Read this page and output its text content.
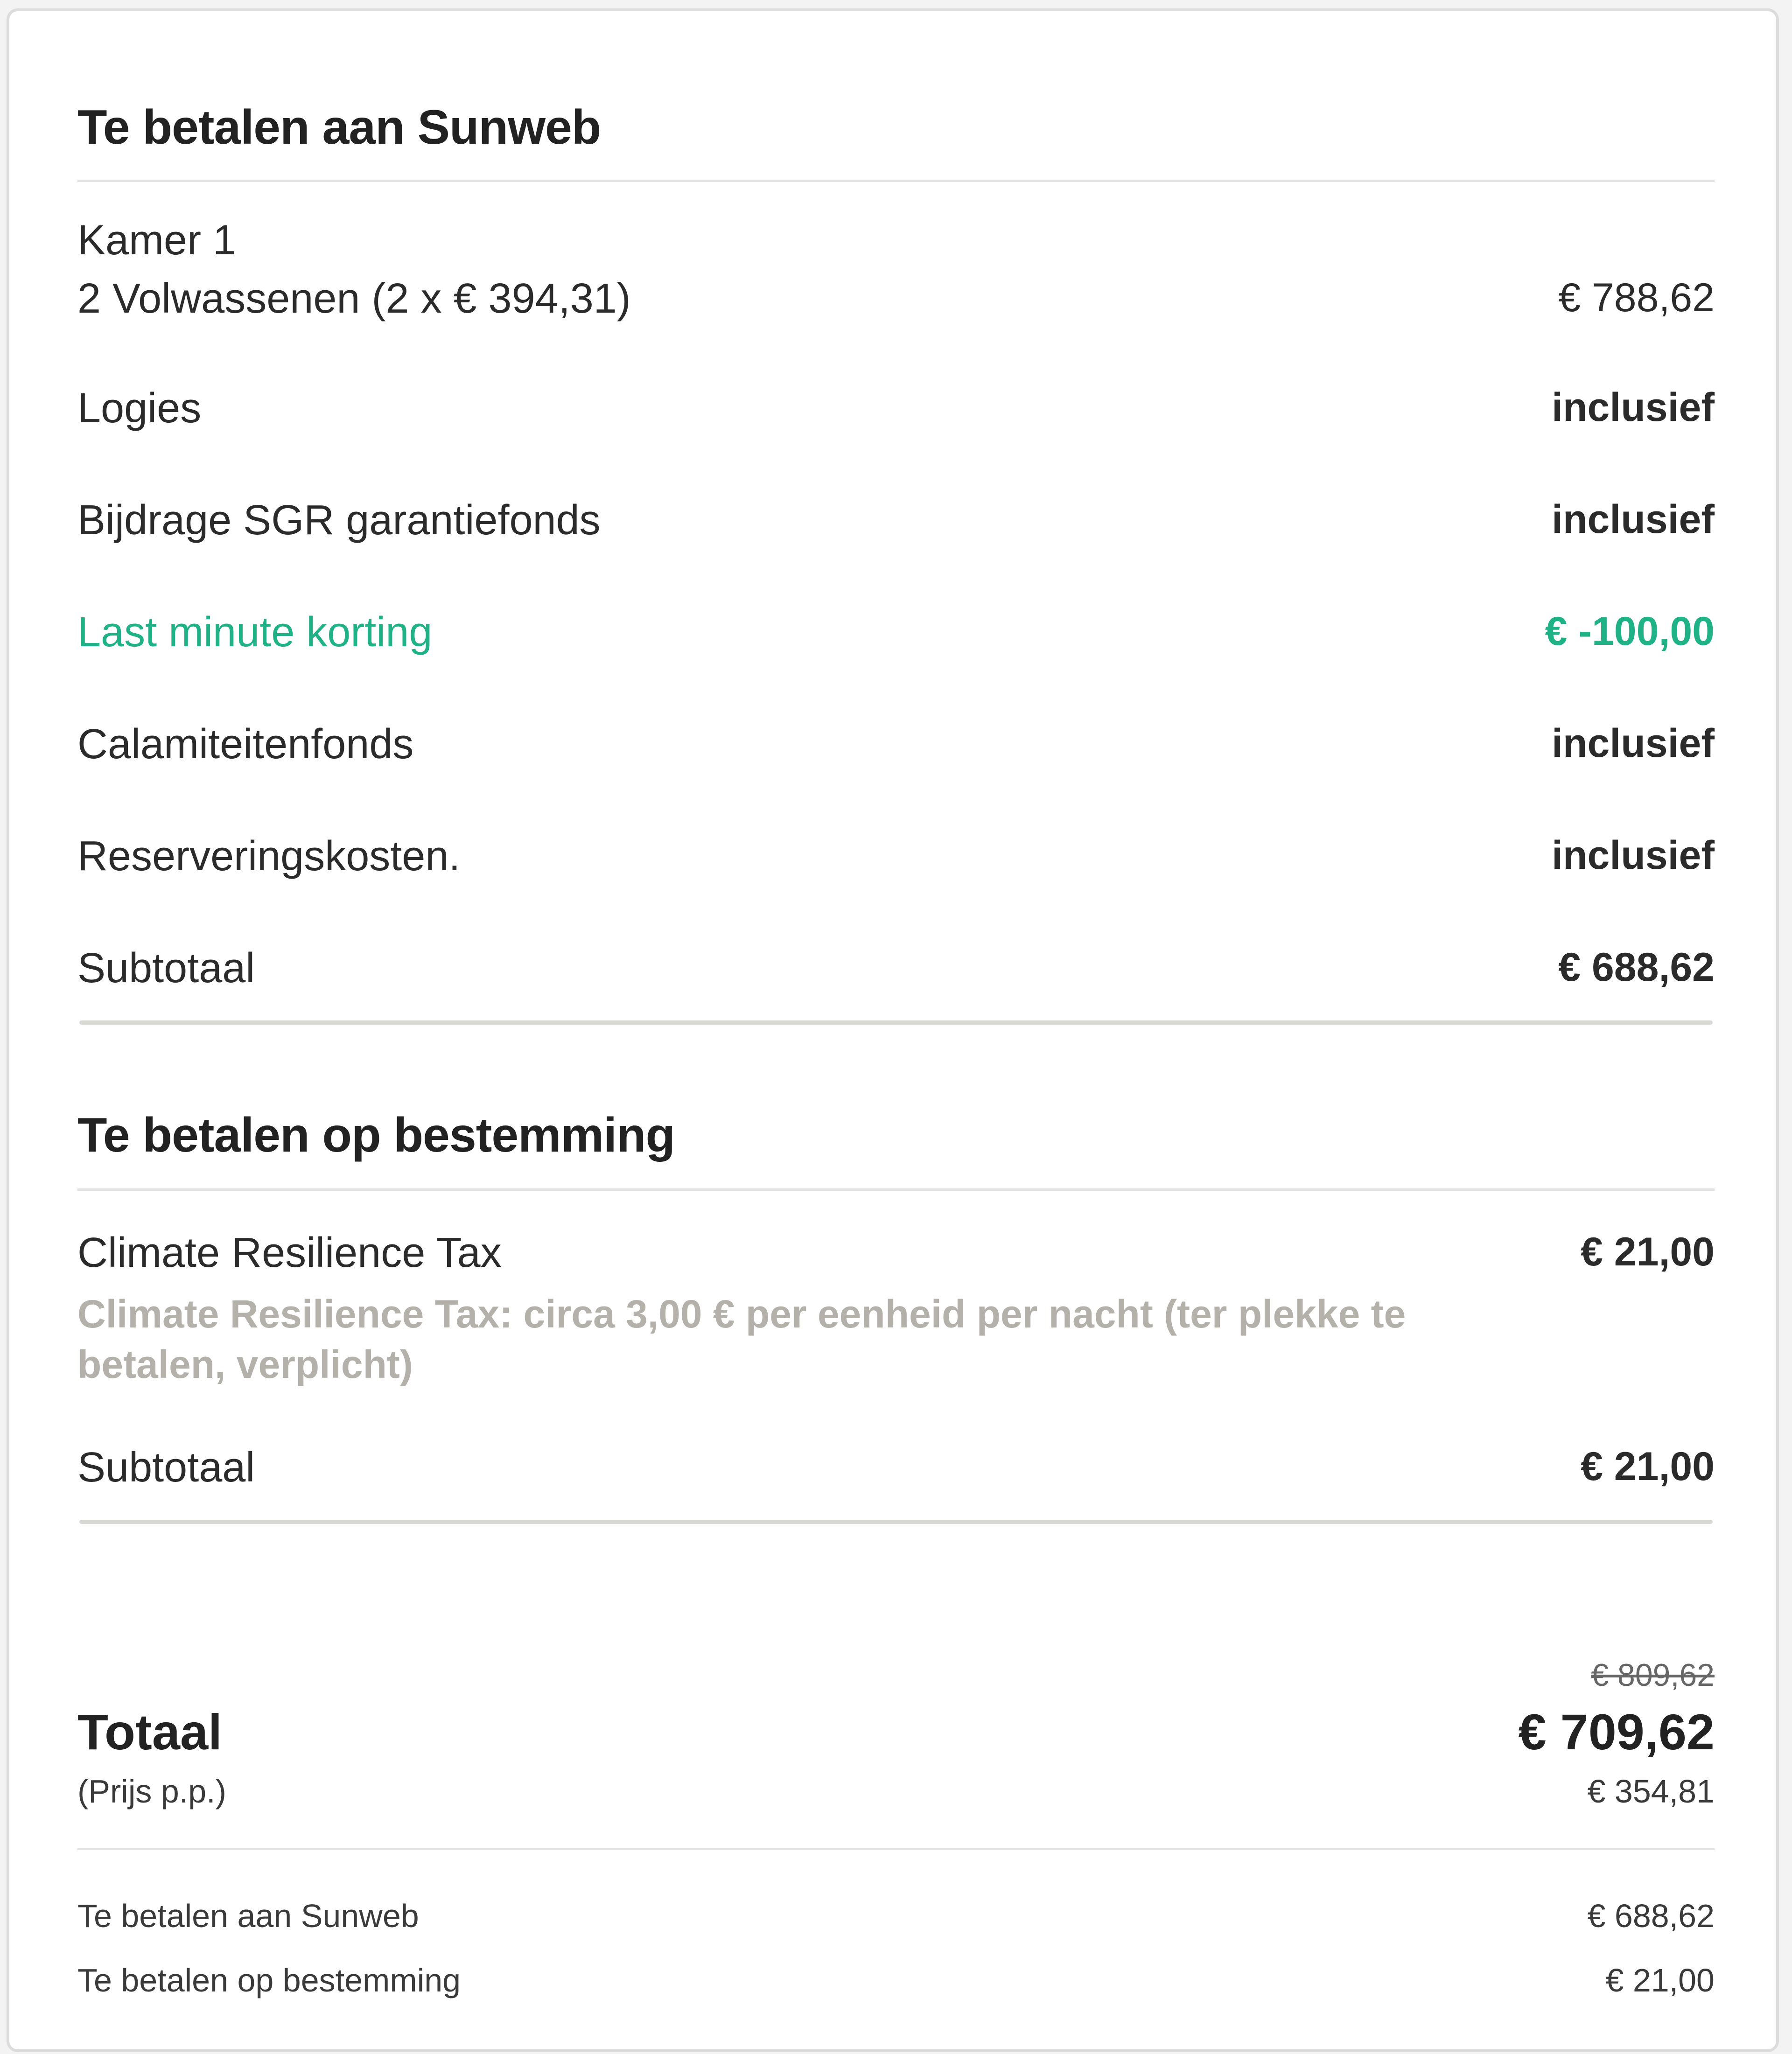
Te betalen aan Sunweb
Kamer 1
2 Volwassenen (2 x € 394,31)	€ 788,62
Logies	inclusief
Bijdrage SGR garantiefonds	inclusief
Last minute korting	€ -100,00
Calamiteitenfonds	inclusief
Reserveringskosten.	inclusief
Subtotaal	€ 688,62
Te betalen op bestemming
Climate Resilience Tax	€ 21,00
Climate Resilience Tax: circa 3,00 € per eenheid per nacht (ter plekke te betalen, verplicht)
Subtotaal	€ 21,00
€ 809,62
Totaal	€ 709,62
(Prijs p.p.)	€ 354,81
Te betalen aan Sunweb	€ 688,62
Te betalen op bestemming	€ 21,00
